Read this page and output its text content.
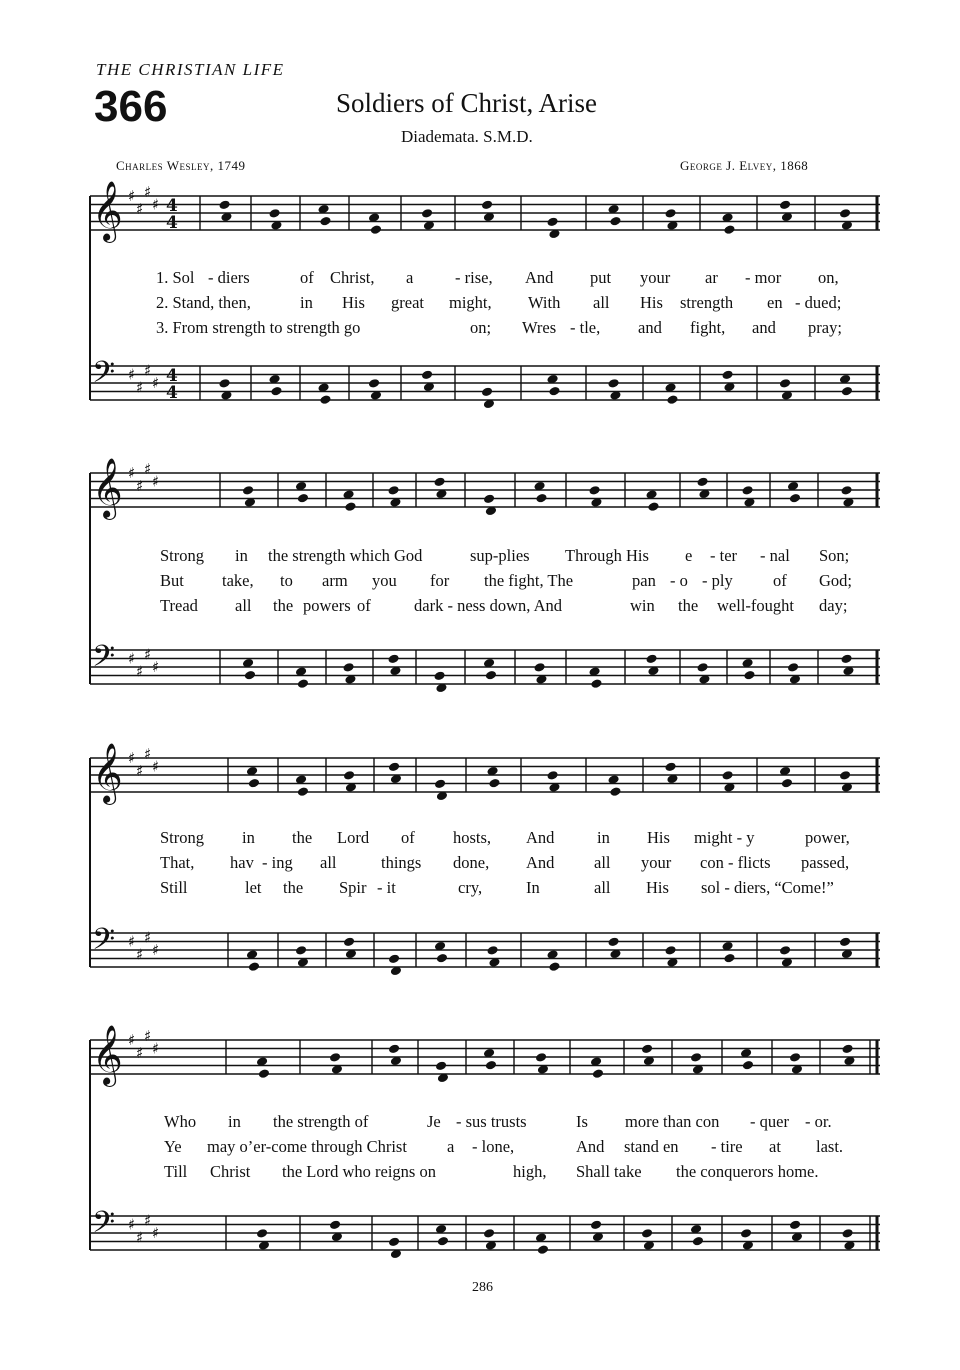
THE CHRISTIAN LIFE
366	Soldiers of Christ, Arise
Diademata. S.M.D.
Charles Wesley, 1749	George J. Elvey, 1868
𝄞 ♯
♯
♯
♯ 4
4
𝄢 ♯
♯
♯
♯ 4
4
1. Sol - diers	of Christ, a	- rise, And put your ar - mor on,
2. Stand, then,	in His great might, With all His strength en - dued;
3. From strength to strength go	on; Wres - tle, and fight, and pray;
𝄞 ♯
♯
♯
♯
𝄢 ♯
♯
♯
♯
Strong in the strength which God	sup-plies Through His e - ter - nal Son;
But take, to arm you for the fight, The	pan - o - ply of God;
Tread all the powers of	dark - ness down, And	win the well-fought day;
𝄞 ♯
♯
♯
♯
𝄢 ♯
♯
♯
♯
Strong in the Lord of hosts, And	in His might - y	power,
That, hav - ing all	things done, And all your con - flicts passed,
Still	let the Spir - it	cry,	In	all His sol - diers, “Come!”
𝄞 ♯
♯
♯
♯
𝄢 ♯
♯
♯
♯
Who in the strength of	Je - sus trusts	Is more than con - quer - or.
Ye may o’er-come through Christ a - lone,	And stand en - tire at last.
Till Christ the Lord who reigns on	high, Shall take the conquerors home.
286
